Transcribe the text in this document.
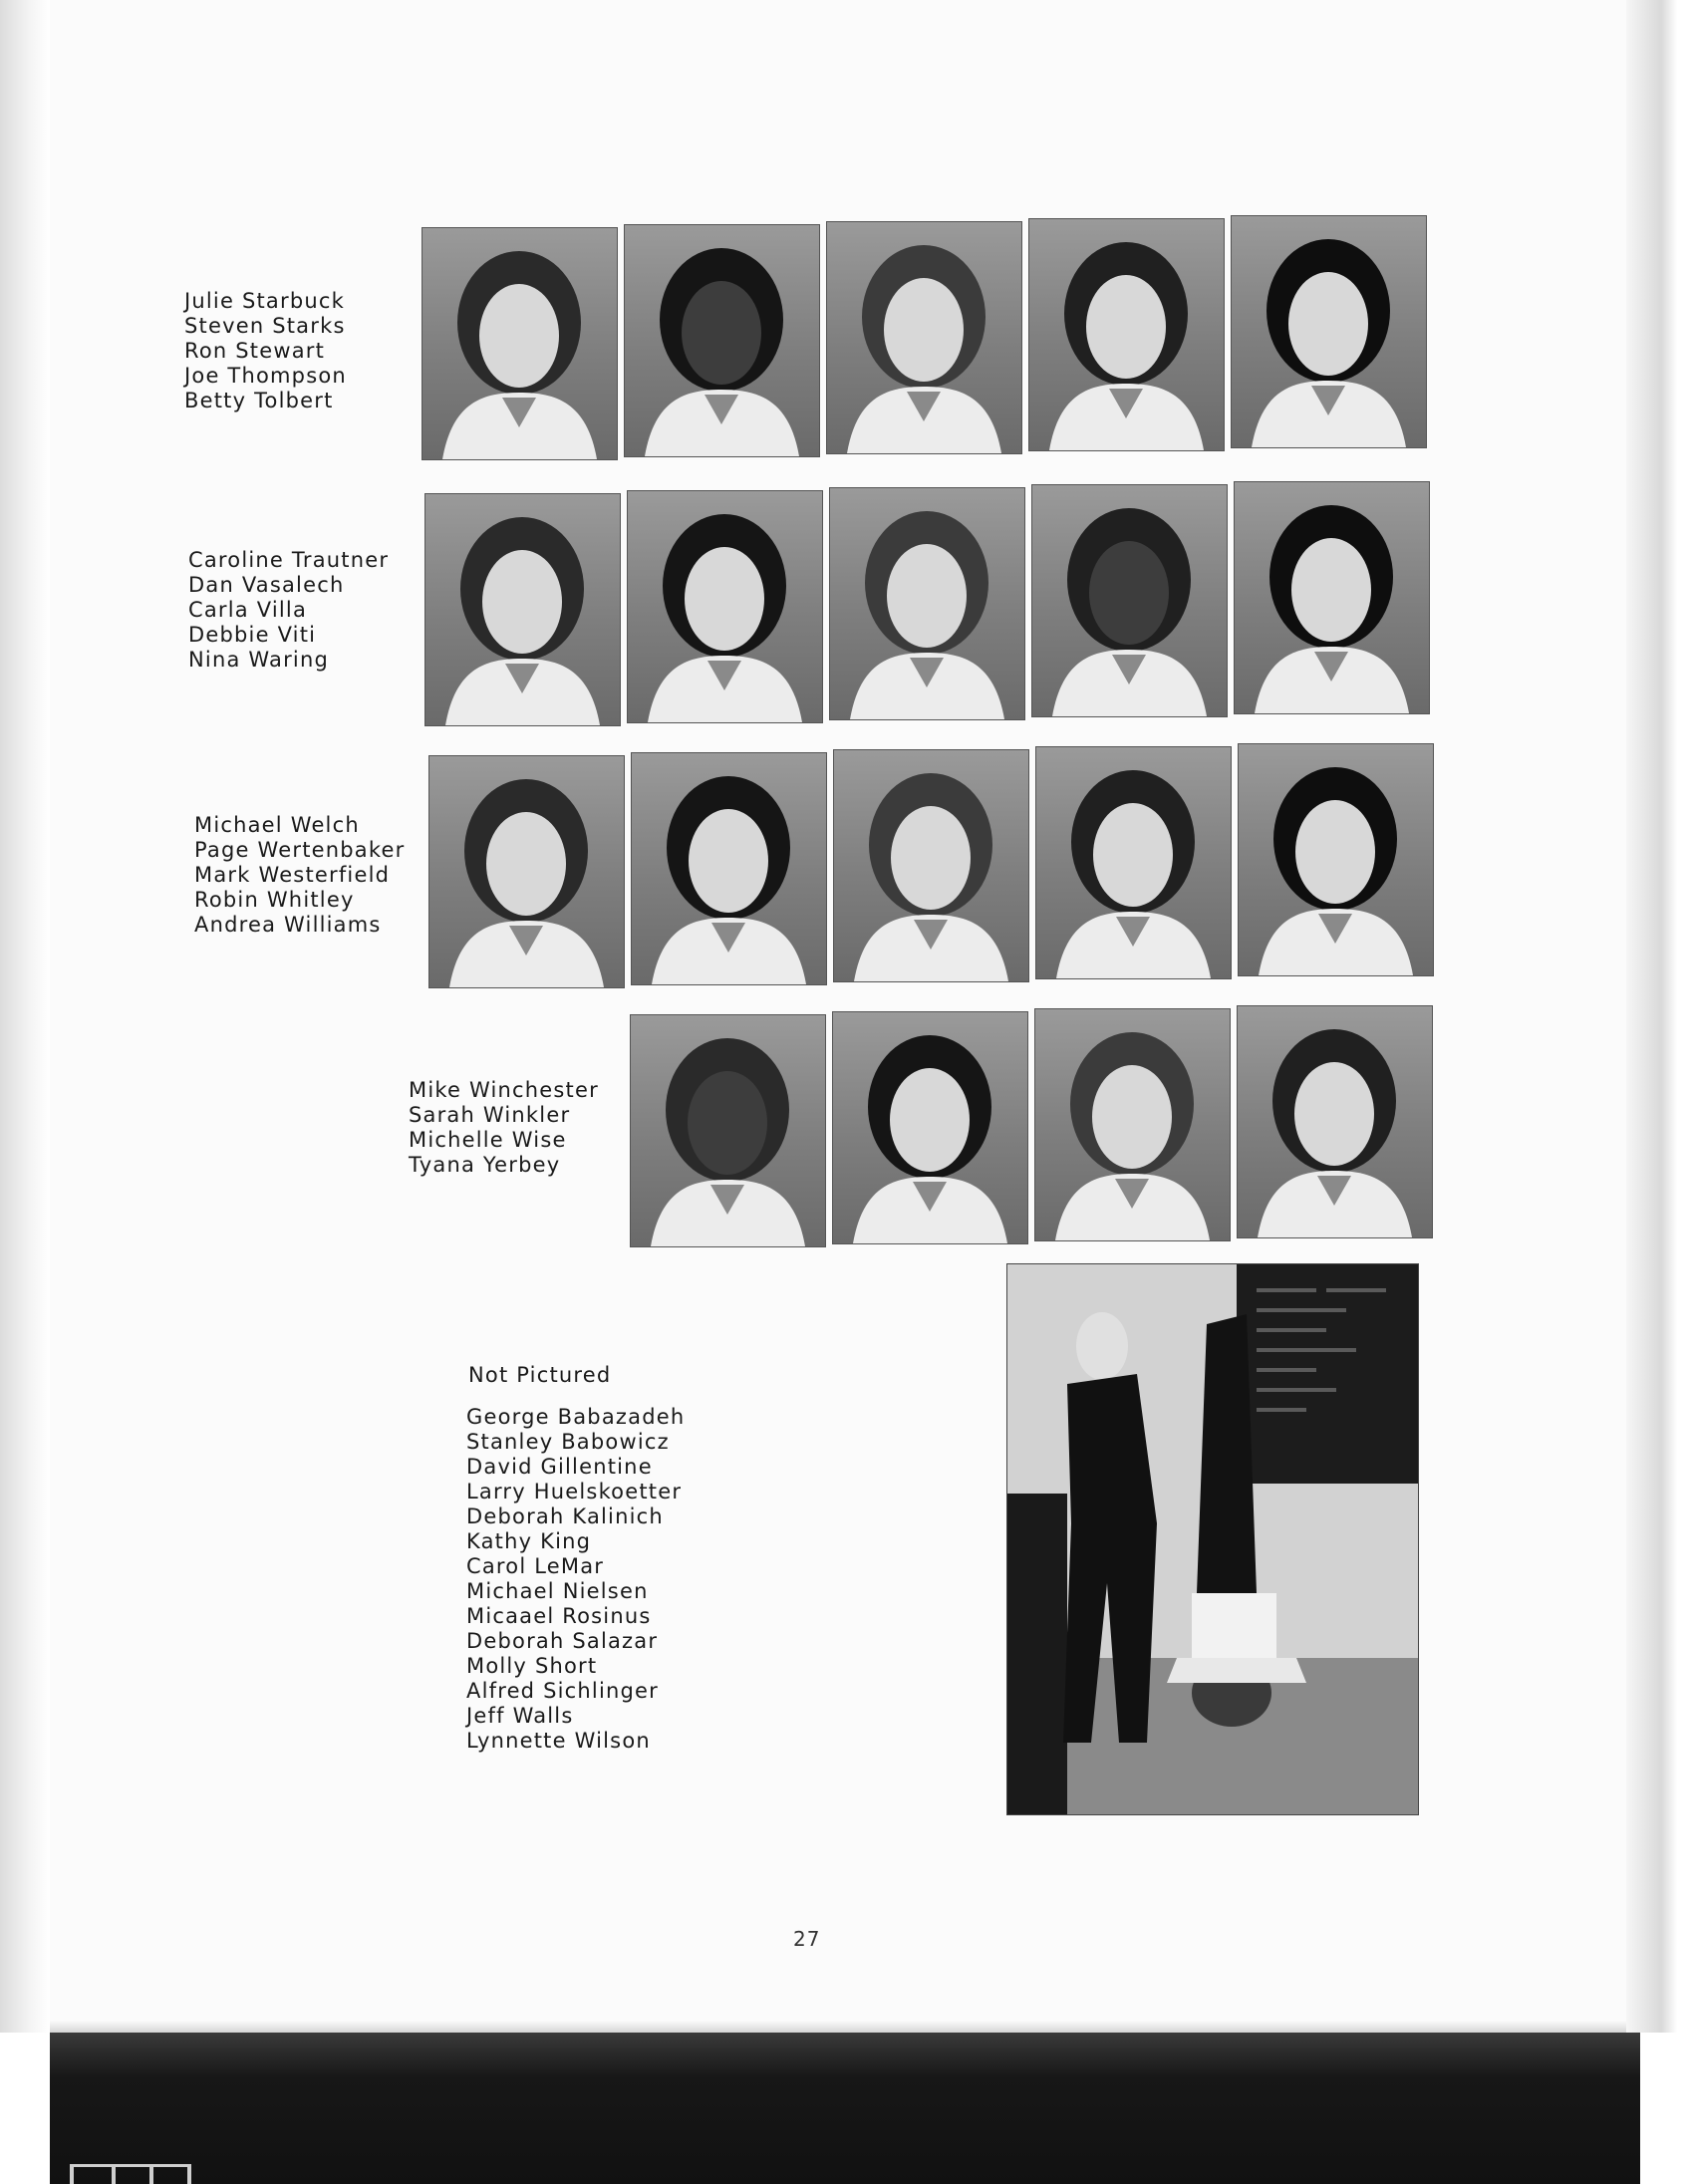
Julie Starbuck
Steven Starks
Ron Stewart
Joe Thompson
Betty Tolbert
Caroline Trautner
Dan Vasalech
Carla Villa
Debbie Viti
Nina Waring
Michael Welch
Page Wertenbaker
Mark Westerfield
Robin Whitley
Andrea Williams
Mike Winchester
Sarah Winkler
Michelle Wise
Tyana Yerbey
Not Pictured
George Babazadeh
Stanley Babowicz
David Gillentine
Larry Huelskoetter
Deborah Kalinich
Kathy King
Carol LeMar
Michael Nielsen
Micaael Rosinus
Deborah Salazar
Molly Short
Alfred Sichlinger
Jeff Walls
Lynnette Wilson
27
